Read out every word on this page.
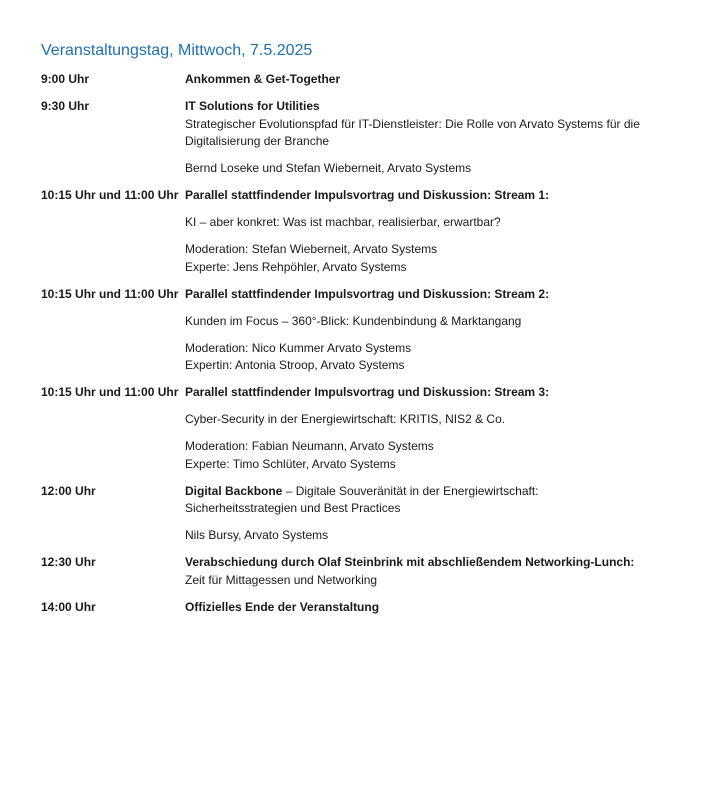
Veranstaltungstag, Mittwoch, 7.5.2025
9:00 Uhr	Ankommen & Get-Together
9:30 Uhr	IT Solutions for Utilities
Strategischer Evolutionspfad für IT-Dienstleister: Die Rolle von Arvato Systems für die
Digitalisierung der Branche
Bernd Loseke und Stefan Wieberneit, Arvato Systems
10:15 Uhr und 11:00 Uhr Parallel stattfindender Impulsvortrag und Diskussion: Stream 1:
KI – aber konkret: Was ist machbar, realisierbar, erwartbar?
Moderation: Stefan Wieberneit, Arvato Systems
Experte: Jens Rehpöhler, Arvato Systems
10:15 Uhr und 11:00 Uhr Parallel stattfindender Impulsvortrag und Diskussion: Stream 2:
Kunden im Focus – 360°-Blick: Kundenbindung & Marktangang
Moderation: Nico Kummer Arvato Systems
Expertin: Antonia Stroop, Arvato Systems
10:15 Uhr und 11:00 Uhr Parallel stattfindender Impulsvortrag und Diskussion: Stream 3:
Cyber-Security in der Energiewirtschaft: KRITIS, NIS2 & Co.
Moderation: Fabian Neumann, Arvato Systems
Experte: Timo Schlüter, Arvato Systems
12:00 Uhr	Digital Backbone – Digitale Souveränität in der Energiewirtschaft:
Sicherheitsstrategien und Best Practices
Nils Bursy, Arvato Systems
12:30 Uhr	Verabschiedung durch Olaf Steinbrink mit abschließendem Networking-Lunch:
Zeit für Mittagessen und Networking
14:00 Uhr	Offizielles Ende der Veranstaltung
